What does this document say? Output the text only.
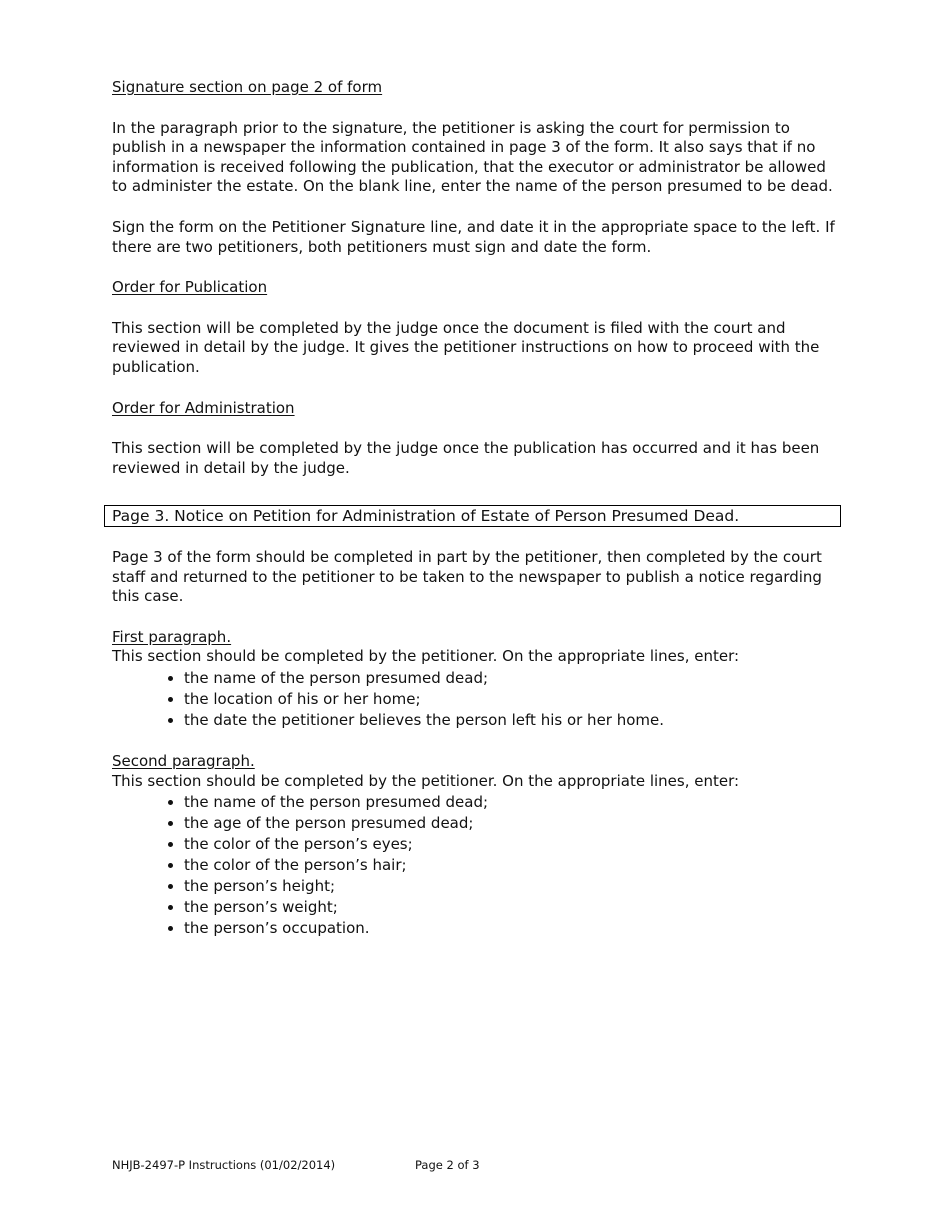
Signature section on page 2 of form

In the paragraph prior to the signature, the petitioner is asking the court for permission to publish in a newspaper the information contained in page 3 of the form. It also says that if no information is received following the publication, that the executor or administrator be allowed to administer the estate. On the blank line, enter the name of the person presumed to be dead.

Sign the form on the Petitioner Signature line, and date it in the appropriate space to the left. If there are two petitioners, both petitioners must sign and date the form.

Order for Publication

This section will be completed by the judge once the document is filed with the court and reviewed in detail by the judge. It gives the petitioner instructions on how to proceed with the publication.

Order for Administration

This section will be completed by the judge once the publication has occurred and it has been reviewed in detail by the judge.

Page 3. Notice on Petition for Administration of Estate of Person Presumed Dead.

Page 3 of the form should be completed in part by the petitioner, then completed by the court staff and returned to the petitioner to be taken to the newspaper to publish a notice regarding this case.

First paragraph.

This section should be completed by the petitioner. On the appropriate lines, enter:

the name of the person presumed dead;
the location of his or her home;
the date the petitioner believes the person left his or her home.

Second paragraph.

This section should be completed by the petitioner. On the appropriate lines, enter:

the name of the person presumed dead;
the age of the person presumed dead;
the color of the person’s eyes;
the color of the person’s hair;
the person’s height;
the person’s weight;
the person’s occupation.
NHJB-2497-P Instructions (01/02/2014)	Page 2 of 3
